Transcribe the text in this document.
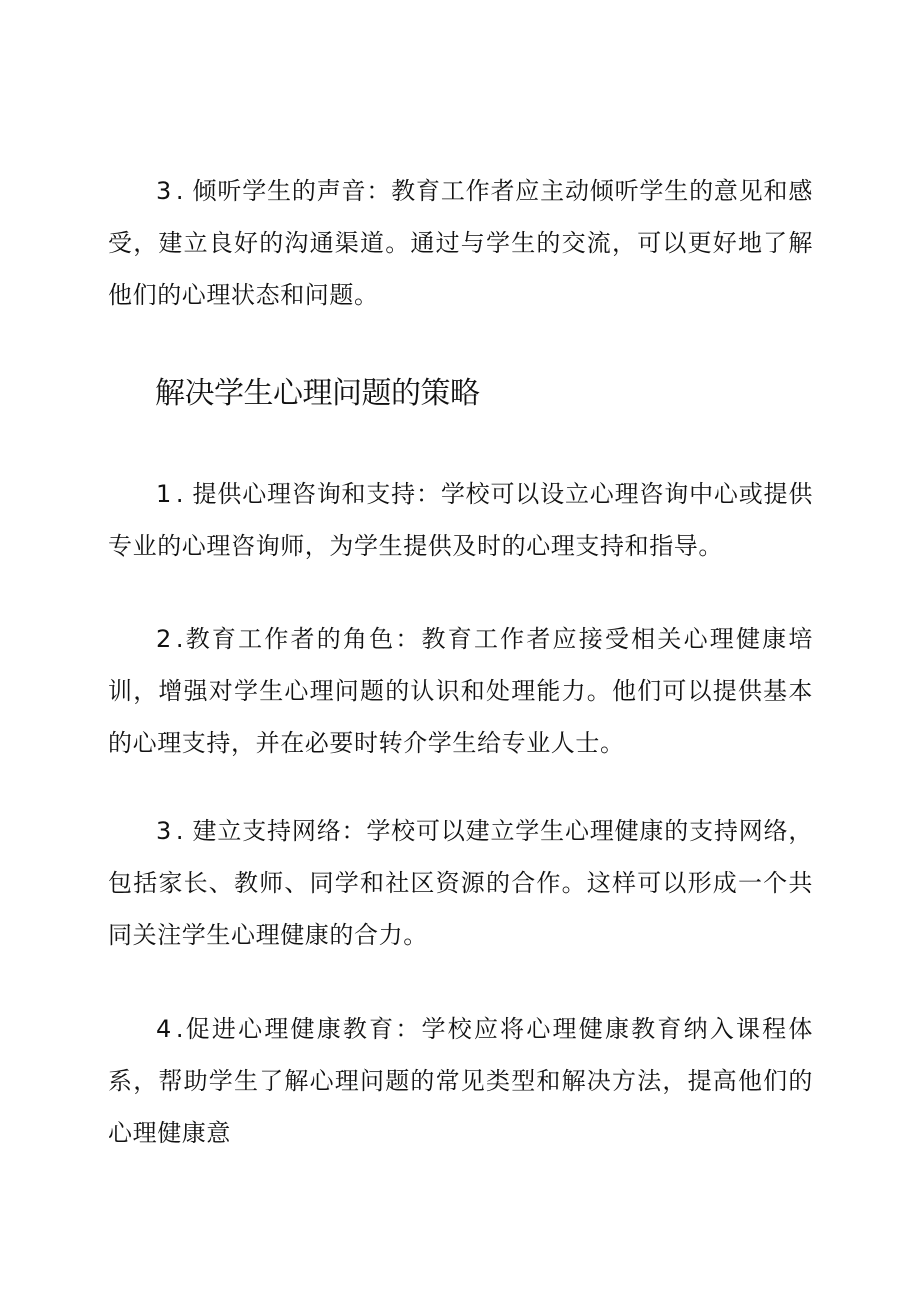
3 . 倾听学生的声音：教育工作者应主动倾听学生的意见和感受，建立良好的沟通渠道。通过与学生的交流，可以更好地了解他们的心理状态和问题。

解决学生心理问题的策略

1 . 提供心理咨询和支持：学校可以设立心理咨询中心或提供专业的心理咨询师，为学生提供及时的心理支持和指导。

2 .教育工作者的角色：教育工作者应接受相关心理健康培训，增强对学生心理问题的认识和处理能力。他们可以提供基本的心理支持，并在必要时转介学生给专业人士。

3 . 建立支持网络：学校可以建立学生心理健康的支持网络，包括家长、教师、同学和社区资源的合作。这样可以形成一个共同关注学生心理健康的合力。

4 .促进心理健康教育：学校应将心理健康教育纳入课程体系，帮助学生了解心理问题的常见类型和解决方法，提高他们的心理健康意
